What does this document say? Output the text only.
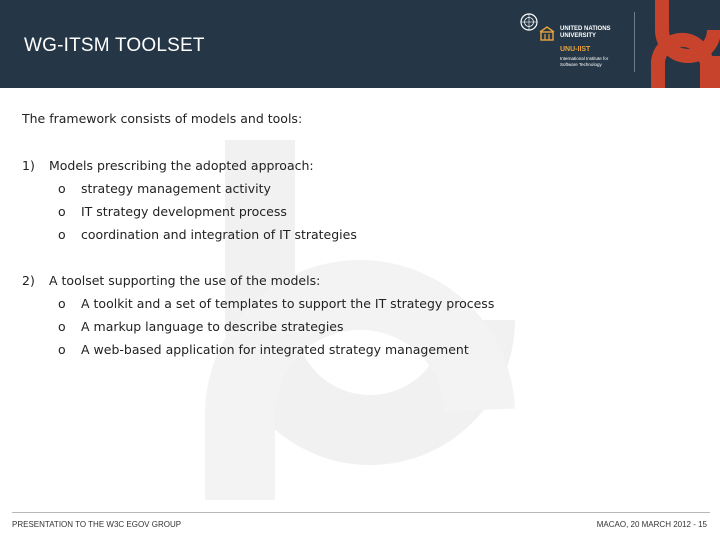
WG-ITSM TOOLSET
UNITED NATIONS
UNIVERSITY
UNU-IIST
International Institute for
Software Technology
The framework consists of models and tools:
1) Models prescribing the adopted approach:
o strategy management activity
o IT strategy development process
o coordination and integration of IT strategies
2) A toolset supporting the use of the models:
o A toolkit and a set of templates to support the IT strategy process
o A markup language to describe strategies
o A web-based application for integrated strategy management
PRESENTATION TO THE W3C EGOV GROUP	MACAO, 20 MARCH 2012 - 15
